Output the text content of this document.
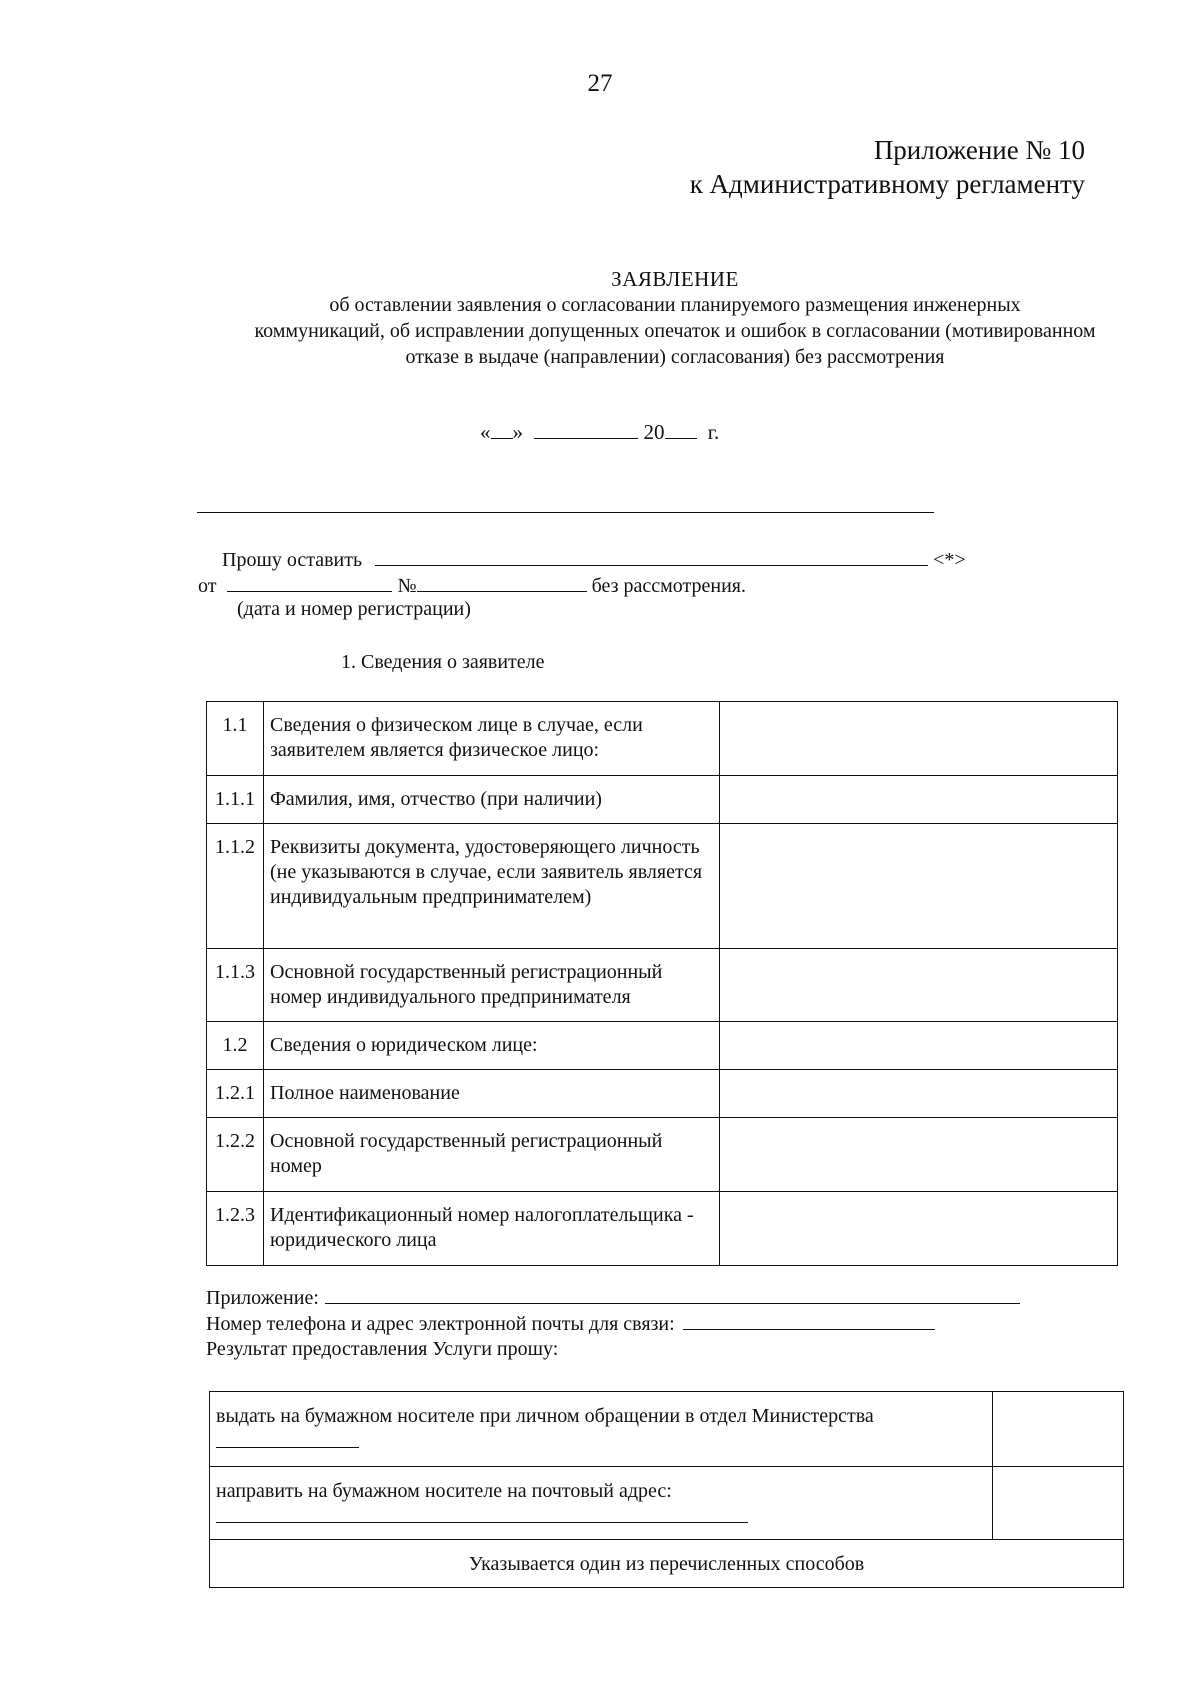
27
Приложение № 10
к Административному регламенту
ЗАЯВЛЕНИЕ
об оставлении заявления о согласовании планируемого размещения инженерных
коммуникаций, об исправлении допущенных опечаток и ошибок в согласовании (мотивированном
отказе в выдаче (направлении) согласования) без рассмотрения
« »	20 г.
Прошу оставить	<*>
от	№	без рассмотрения.
(дата и номер регистрации)
1. Сведения о заявителе
1.1	Сведения о физическом лице в случае, если заявителем является физическое лицо:	
1.1.1	Фамилия, имя, отчество (при наличии)	
1.1.2	Реквизиты документа, удостоверяющего личность (не указываются в случае, если заявитель является индивидуальным предпринимателем)	
1.1.3	Основной государственный регистрационный номер индивидуального предпринимателя	
1.2	Сведения о юридическом лице:	
1.2.1	Полное наименование	
1.2.2	Основной государственный регистрационный номер	
1.2.3	Идентификационный номер налогоплательщика - юридического лица	
Приложение:
Номер телефона и адрес электронной почты для связи:
Результат предоставления Услуги прошу:
выдать на бумажном носителе при личном обращении в отдел Министерства

направить на бумажном носителе на почтовый адрес:

Указывается один из перечисленных способов	
